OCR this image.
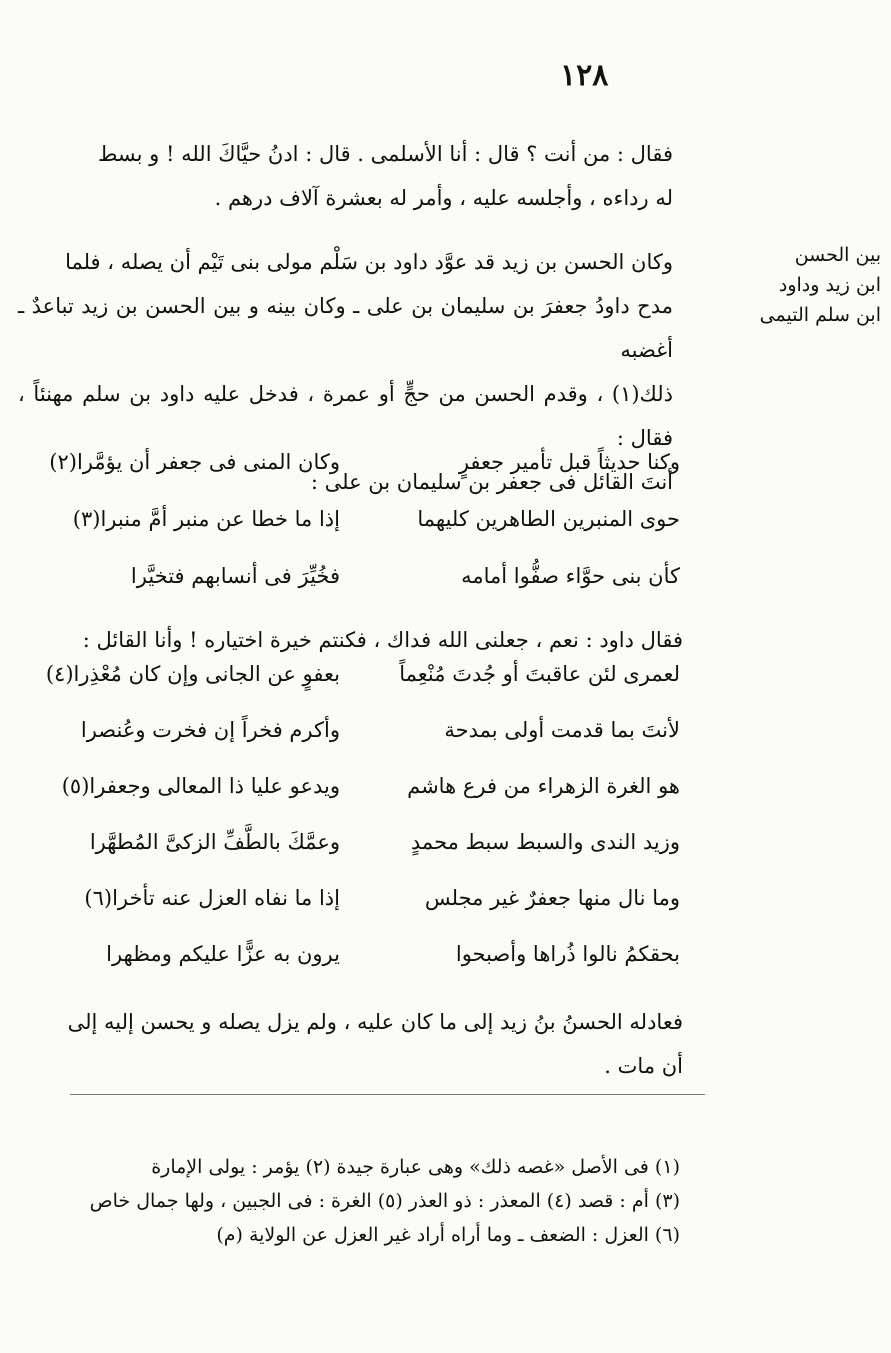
١٢٨
فقال : من أنت ؟ قال : أنا الأسلمى . قال : ادنُ حيَّاكَ الله ! و بسط
له رداءه ، وأجلسه عليه ، وأمر له بعشرة آلاف درهم .
بين الحسن
ابن زيد وداود
ابن سلم التيمى
وكان الحسن بن زيد قد عوَّد داود بن سَلْم مولى بنى تَيْم أن يصله ، فلما
مدح داودُ جعفرَ بن سليمان بن على ـ وكان بينه و بين الحسن بن زيد تباعدٌ ـ أغضبه
ذلك(١) ، وقدم الحسن من حجٍّ أو عمرة ، فدخل عليه داود بن سلم مهنئاً ، فقال :
أنتَ القائل فى جعفر بن سليمان بن على :
وكنا حديثاً قبل تأمير جعفرٍ
وكان المنى فى جعفر أن يؤمَّرا(٢)
حوى المنبرين الطاهرين كليهما
إذا ما خطا عن منبر أمَّ منبرا(٣)
كأن بنى حوَّاء صفُّوا أمامه
فخُيِّرَ فى أنسابهم فتخيَّرا
فقال داود : نعم ، جعلنى الله فداك ، فكنتم خيرة اختياره ! وأنا القائل :
لعمرى لئن عاقبتَ أو جُدتَ مُنْعِماً
بعفوٍ عن الجانى وإن كان مُعْذِرا(٤)
لأنتَ بما قدمت أولى بمدحة
وأكرم فخراً إن فخرت وعُنصرا
هو الغرة الزهراء من فرع هاشم
ويدعو عليا ذا المعالى وجعفرا(٥)
وزيد الندى والسبط سبط محمدٍ
وعمَّكَ بالطَّفِّ الزكىَّ المُطهَّرا
وما نال منها جعفرٌ غير مجلس
إذا ما نفاه العزل عنه تأخرا(٦)
بحقكمُ نالوا ذُراها وأصبحوا
يرون به عزًّا عليكم ومظهرا
فعادله الحسنُ بنُ زيد إلى ما كان عليه ، ولم يزل يصله و يحسن إليه إلى
أن مات .
(١) فى الأصل «غصه ذلك» وهى عبارة جيدة (٢) يؤمر : يولى الإمارة
(٣) أم : قصد (٤) المعذر : ذو العذر (٥) الغرة : فى الجبين ، ولها جمال خاص
(٦) العزل : الضعف ـ وما أراه أراد غير العزل عن الولاية (م)
